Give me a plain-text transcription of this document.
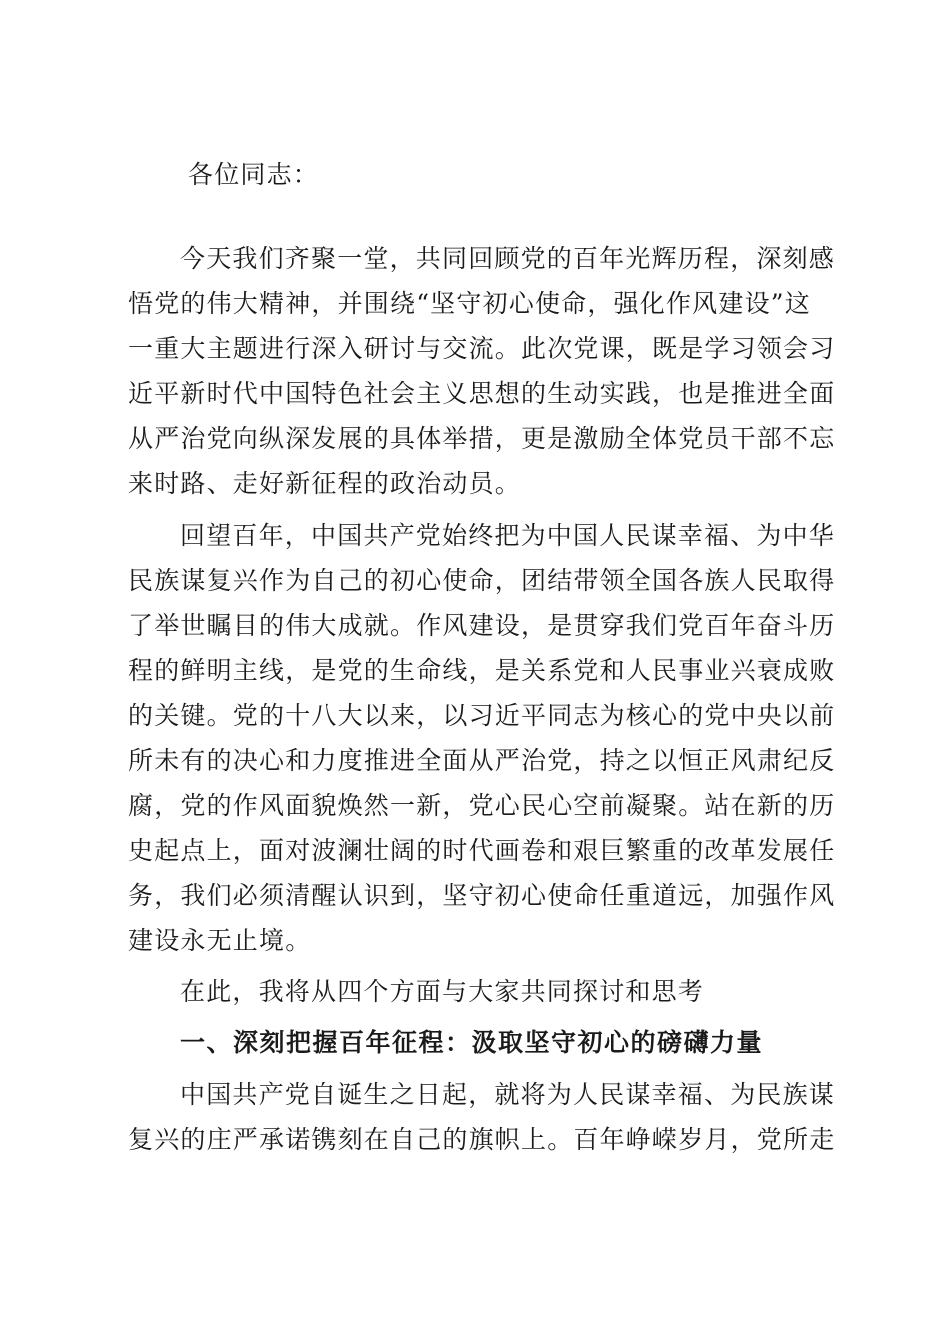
各位同志：
今天我们齐聚一堂，共同回顾党的百年光辉历程，深刻感
悟党的伟大精神，并围绕“坚守初心使命，强化作风建设”这
一重大主题进行深入研讨与交流。此次党课，既是学习领会习
近平新时代中国特色社会主义思想的生动实践，也是推进全面
从严治党向纵深发展的具体举措，更是激励全体党员干部不忘
来时路、走好新征程的政治动员。
回望百年，中国共产党始终把为中国人民谋幸福、为中华
民族谋复兴作为自己的初心使命，团结带领全国各族人民取得
了举世瞩目的伟大成就。作风建设，是贯穿我们党百年奋斗历
程的鲜明主线，是党的生命线，是关系党和人民事业兴衰成败
的关键。党的十八大以来，以习近平同志为核心的党中央以前
所未有的决心和力度推进全面从严治党，持之以恒正风肃纪反
腐，党的作风面貌焕然一新，党心民心空前凝聚。站在新的历
史起点上，面对波澜壮阔的时代画卷和艰巨繁重的改革发展任
务，我们必须清醒认识到，坚守初心使命任重道远，加强作风
建设永无止境。
在此，我将从四个方面与大家共同探讨和思考
一、深刻把握百年征程：汲取坚守初心的磅礴力量
中国共产党自诞生之日起，就将为人民谋幸福、为民族谋
复兴的庄严承诺镌刻在自己的旗帜上。百年峥嵘岁月，党所走
